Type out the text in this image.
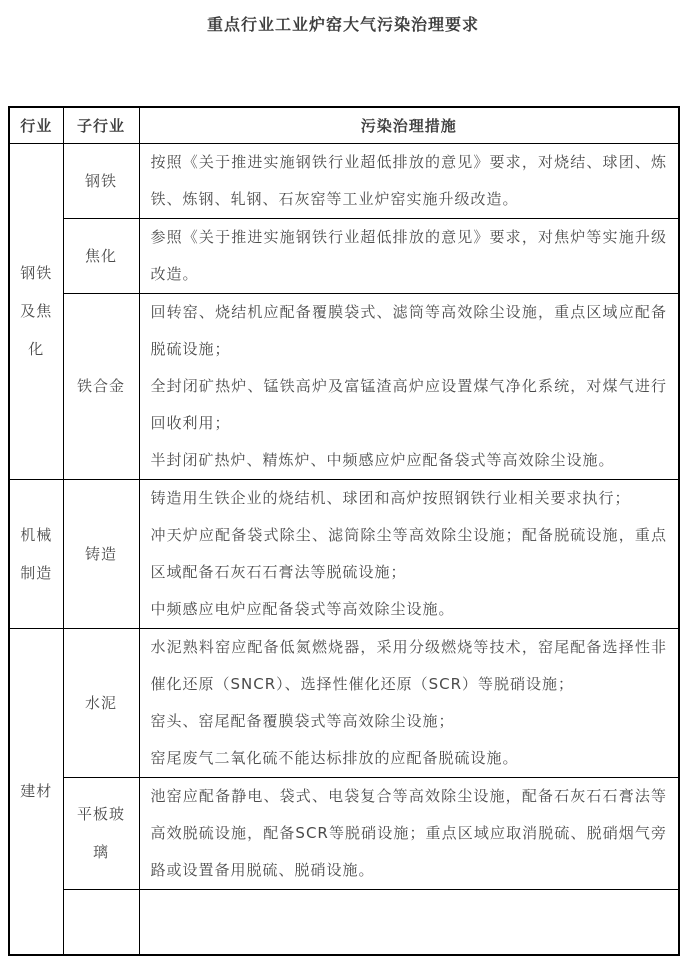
重点行业工业炉窑大气污染治理要求
行业	子行业	污染治理措施
钢铁及焦化	钢铁	按照《关于推进实施钢铁行业超低排放的意见》要求，对烧结、球团、炼铁、炼钢、轧钢、石灰窑等工业炉窑实施升级改造。

	焦化	参照《关于推进实施钢铁行业超低排放的意见》要求，对焦炉等实施升级改造。

	铁合金	回转窑、烧结机应配备覆膜袋式、滤筒等高效除尘设施，重点区域应配备脱硫设施；

全封闭矿热炉、锰铁高炉及富锰渣高炉应设置煤气净化系统，对煤气进行回收利用；

半封闭矿热炉、精炼炉、中频感应炉应配备袋式等高效除尘设施。

机械制造	铸造	铸造用生铁企业的烧结机、球团和高炉按照钢铁行业相关要求执行；

冲天炉应配备袋式除尘、滤筒除尘等高效除尘设施；配备脱硫设施，重点区域配备石灰石石膏法等脱硫设施；

中频感应电炉应配备袋式等高效除尘设施。

建材	水泥	水泥熟料窑应配备低氮燃烧器，采用分级燃烧等技术，窑尾配备选择性非催化还原（SNCR）、选择性催化还原（SCR）等脱硝设施；

窑头、窑尾配备覆膜袋式等高效除尘设施；

窑尾废气二氧化硫不能达标排放的应配备脱硫设施。

	平板玻璃	池窑应配备静电、袋式、电袋复合等高效除尘设施，配备石灰石石膏法等高效脱硫设施，配备SCR等脱硝设施；重点区域应取消脱硫、脱硝烟气旁路或设置备用脱硫、脱硝设施。
